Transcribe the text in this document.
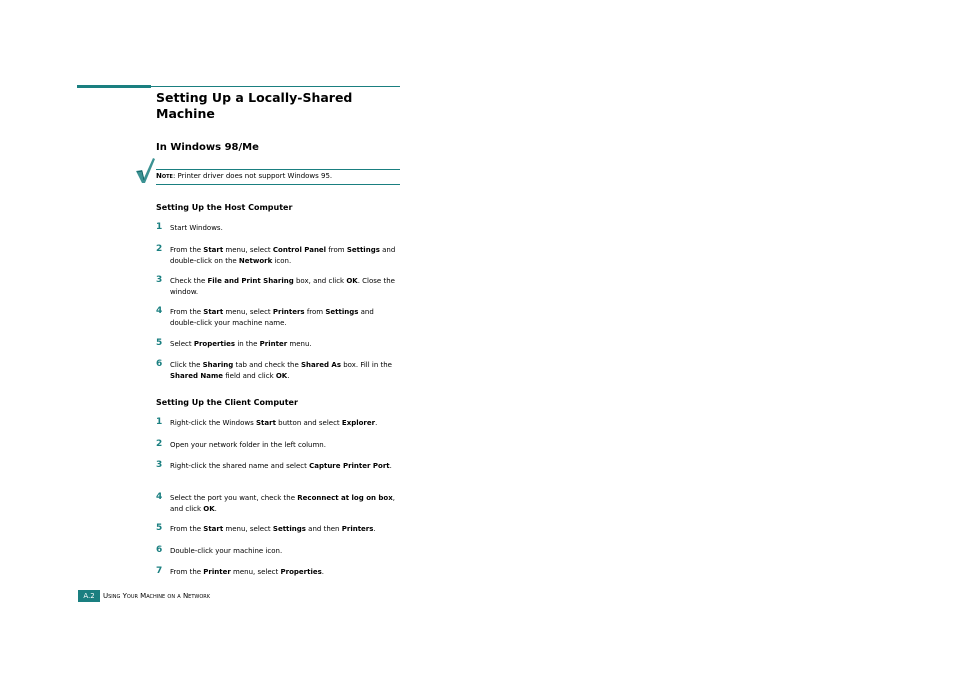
Setting Up a Locally-Shared Machine
In Windows 98/Me
Note: Printer driver does not support Windows 95.
Setting Up the Host Computer
1 Start Windows.
2 From the Start menu, select Control Panel from Settings and double-click on the Network icon.
3 Check the File and Print Sharing box, and click OK. Close the window.
4 From the Start menu, select Printers from Settings and double-click your machine name.
5 Select Properties in the Printer menu.
6 Click the Sharing tab and check the Shared As box. Fill in the Shared Name field and click OK.
Setting Up the Client Computer
1 Right-click the Windows Start button and select Explorer.
2 Open your network folder in the left column.
3 Right-click the shared name and select Capture Printer Port.
4 Select the port you want, check the Reconnect at log on box, and click OK.
5 From the Start menu, select Settings and then Printers.
6 Double-click your machine icon.
7 From the Printer menu, select Properties.
A.2	Using Your Machine on a Network
